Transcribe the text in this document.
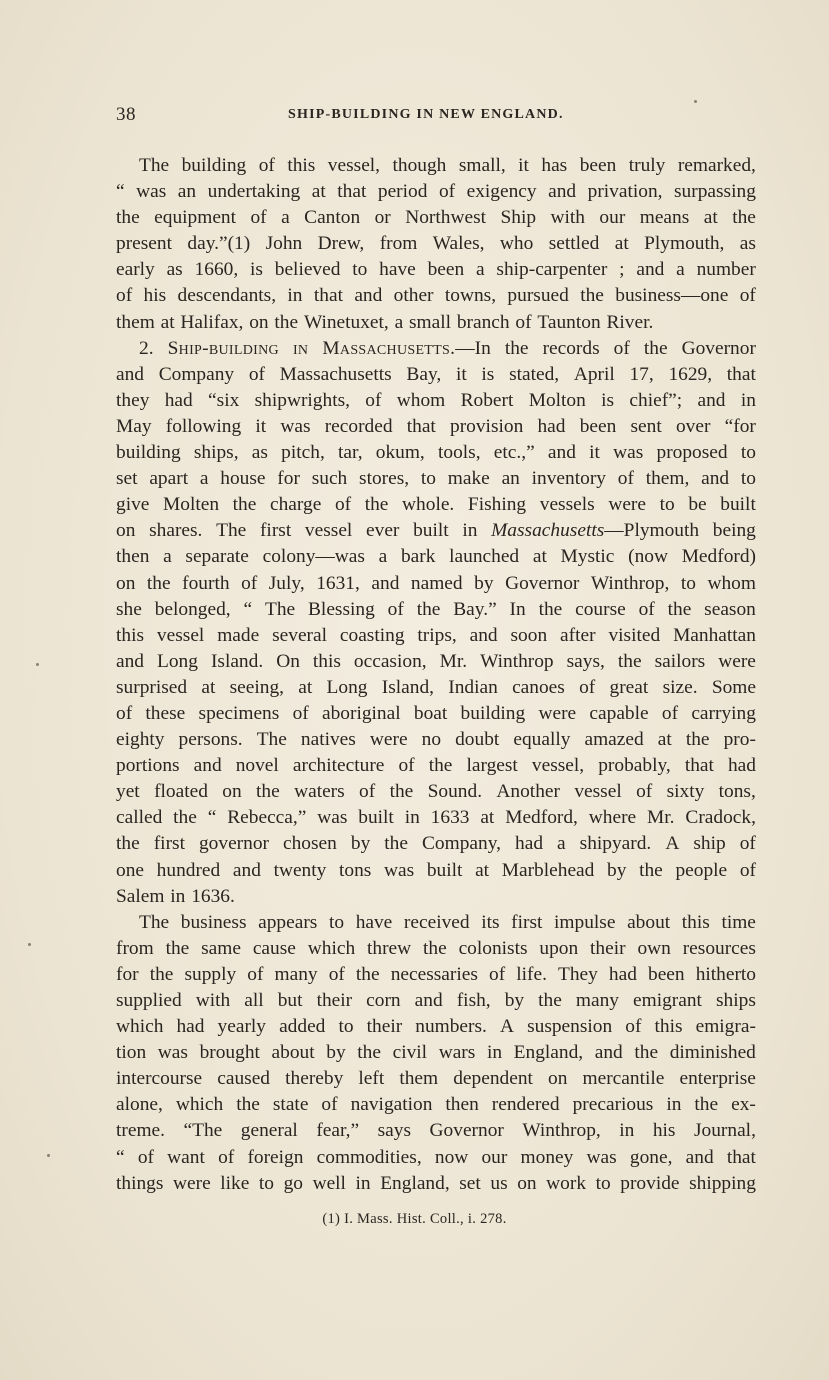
38	SHIP-BUILDING IN NEW ENGLAND.
The building of this vessel, though small, it has been truly remarked,
“ was an undertaking at that period of exigency and privation, surpassing
the equipment of a Canton or Northwest Ship with our means at the
present day.”(1) John Drew, from Wales, who settled at Plymouth, as
early as 1660, is believed to have been a ship-carpenter ; and a number
of his descendants, in that and other towns, pursued the business—one of
them at Halifax, on the Winetuxet, a small branch of Taunton River.
2. Ship-building in Massachusetts.—In the records of the Governor
and Company of Massachusetts Bay, it is stated, April 17, 1629, that
they had “six shipwrights, of whom Robert Molton is chief”; and in
May following it was recorded that provision had been sent over “for
building ships, as pitch, tar, okum, tools, etc.,” and it was proposed to
set apart a house for such stores, to make an inventory of them, and to
give Molten the charge of the whole. Fishing vessels were to be built
on shares. The first vessel ever built in Massachusetts—Plymouth being
then a separate colony—was a bark launched at Mystic (now Medford)
on the fourth of July, 1631, and named by Governor Winthrop, to whom
she belonged, “ The Blessing of the Bay.” In the course of the season
this vessel made several coasting trips, and soon after visited Manhattan
and Long Island. On this occasion, Mr. Winthrop says, the sailors were
surprised at seeing, at Long Island, Indian canoes of great size. Some
of these specimens of aboriginal boat building were capable of carrying
eighty persons. The natives were no doubt equally amazed at the pro-
portions and novel architecture of the largest vessel, probably, that had
yet floated on the waters of the Sound. Another vessel of sixty tons,
called the “ Rebecca,” was built in 1633 at Medford, where Mr. Cradock,
the first governor chosen by the Company, had a shipyard. A ship of
one hundred and twenty tons was built at Marblehead by the people of
Salem in 1636.
The business appears to have received its first impulse about this time
from the same cause which threw the colonists upon their own resources
for the supply of many of the necessaries of life. They had been hitherto
supplied with all but their corn and fish, by the many emigrant ships
which had yearly added to their numbers. A suspension of this emigra-
tion was brought about by the civil wars in England, and the diminished
intercourse caused thereby left them dependent on mercantile enterprise
alone, which the state of navigation then rendered precarious in the ex-
treme. “The general fear,” says Governor Winthrop, in his Journal,
“ of want of foreign commodities, now our money was gone, and that
things were like to go well in England, set us on work to provide shipping
(1) I. Mass. Hist. Coll., i. 278.
